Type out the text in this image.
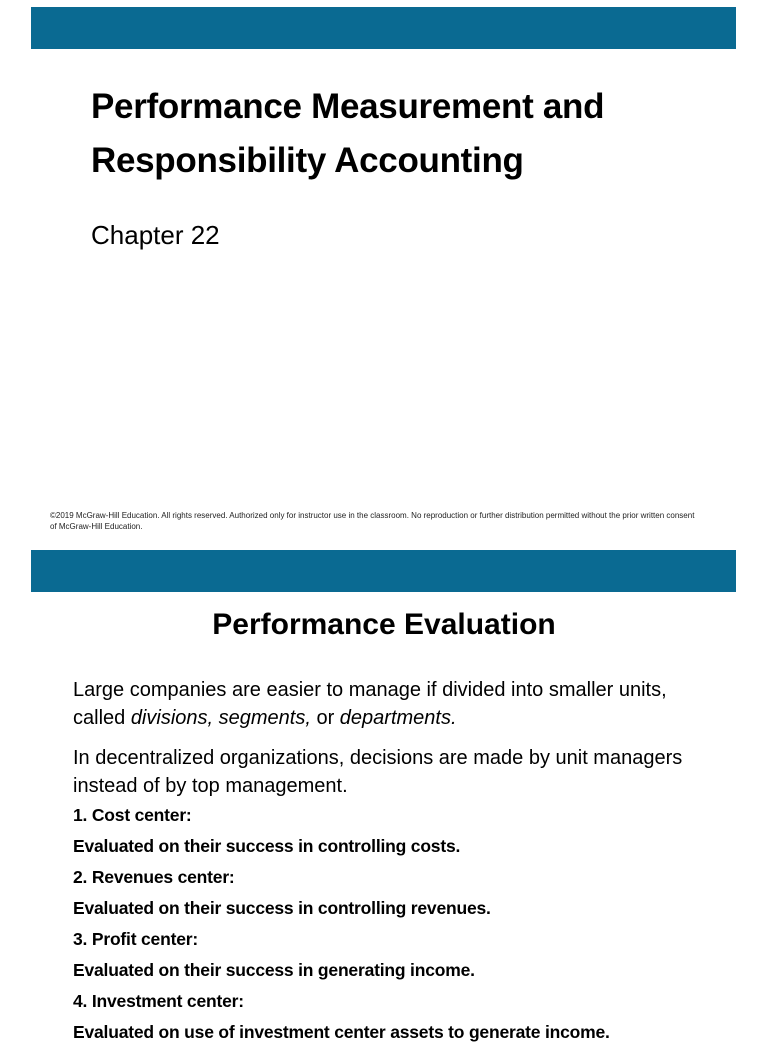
Performance Measurement and
Responsibility Accounting

Chapter 22

©2019 McGraw-Hill Education. All rights reserved. Authorized only for instructor use in the classroom. No reproduction or further distribution permitted without the prior written consent of McGraw-Hill Education.

Performance Evaluation

Large companies are easier to manage if divided into smaller units, called divisions, segments, or departments.

In decentralized organizations, decisions are made by unit managers instead of by top management.

1. Cost center:
Evaluated on their success in controlling costs.
2. Revenues center:
Evaluated on their success in controlling revenues.
3. Profit center:
Evaluated on their success in generating income.
4. Investment center:
Evaluated on use of investment center assets to generate income.
